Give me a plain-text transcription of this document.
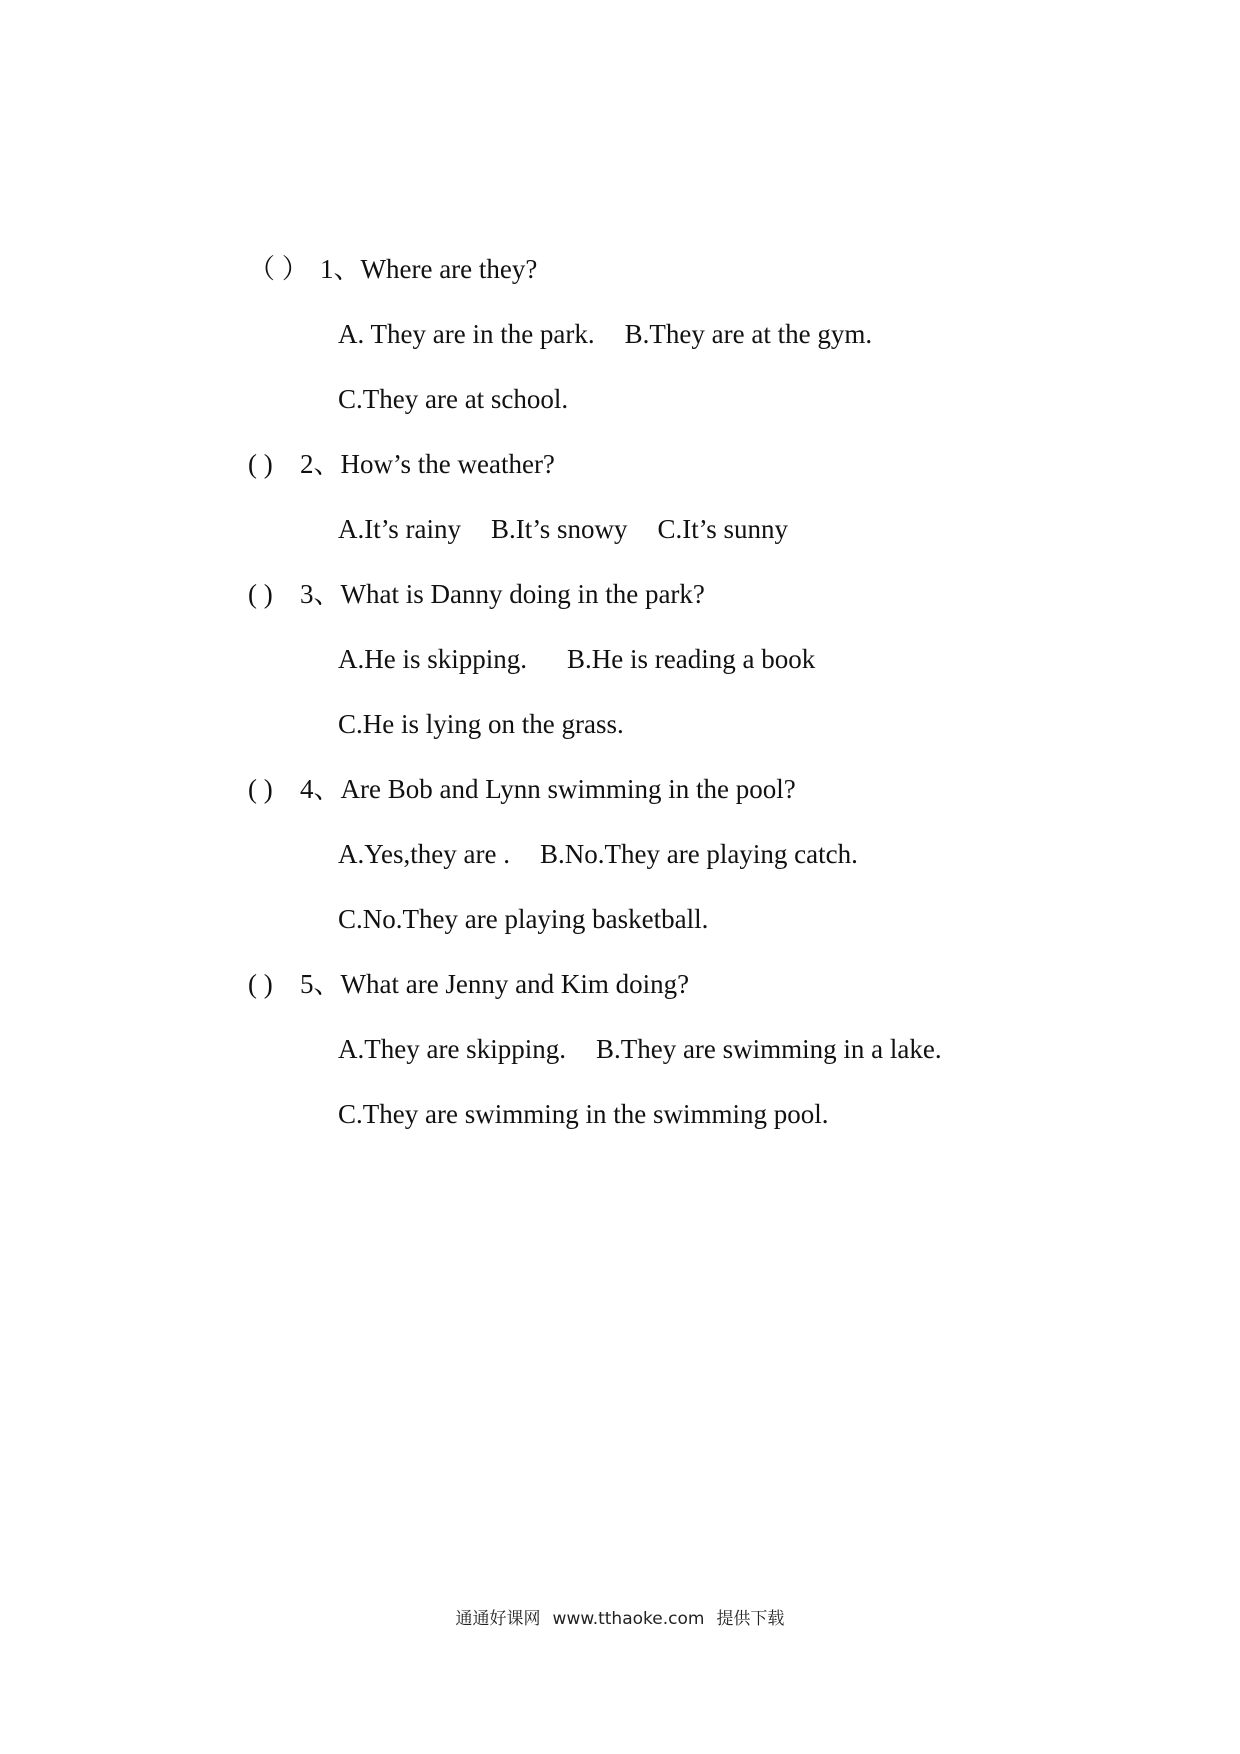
（ ） 1、Where are they?
A. They are in the park. B.They are at the gym.
C.They are at school.
( ) 2、How’s the weather?
A.It’s rainy B.It’s snowy C.It’s sunny
( ) 3、What is Danny doing in the park?
A.He is skipping. B.He is reading a book
C.He is lying on the grass.
( ) 4、Are Bob and Lynn swimming in the pool?
A.Yes,they are . B.No.They are playing catch.
C.No.They are playing basketball.
( ) 5、What are Jenny and Kim doing?
A.They are skipping. B.They are swimming in a lake.
C.They are swimming in the swimming pool.
通通好课网 www.tthaoke.com 提供下载
